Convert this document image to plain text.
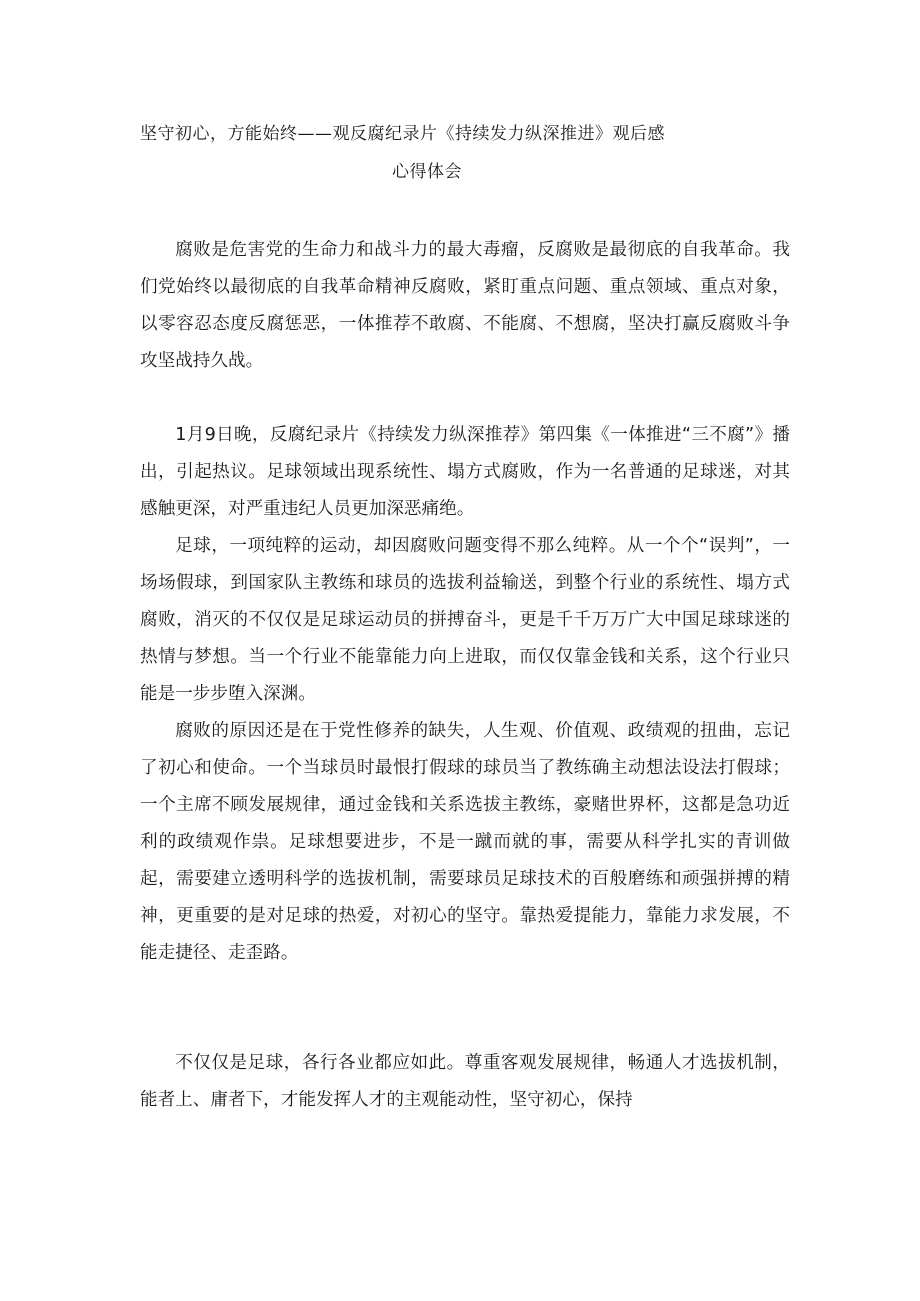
坚守初心，方能始终——观反腐纪录片《持续发力纵深推进》观后感
心得体会

腐败是危害党的生命力和战斗力的最大毒瘤，反腐败是最彻底的自我革命。我们党始终以最彻底的自我革命精神反腐败，紧盯重点问题、重点领域、重点对象，以零容忍态度反腐惩恶，一体推荐不敢腐、不能腐、不想腐，坚决打赢反腐败斗争攻坚战持久战。

1月9日晚，反腐纪录片《持续发力纵深推荐》第四集《一体推进“三不腐”》播出，引起热议。足球领域出现系统性、塌方式腐败，作为一名普通的足球迷，对其感触更深，对严重违纪人员更加深恶痛绝。

足球，一项纯粹的运动，却因腐败问题变得不那么纯粹。从一个个“误判”，一场场假球，到国家队主教练和球员的选拔利益输送，到整个行业的系统性、塌方式腐败，消灭的不仅仅是足球运动员的拼搏奋斗，更是千千万万广大中国足球球迷的热情与梦想。当一个行业不能靠能力向上进取，而仅仅靠金钱和关系，这个行业只能是一步步堕入深渊。

腐败的原因还是在于党性修养的缺失，人生观、价值观、政绩观的扭曲，忘记了初心和使命。一个当球员时最恨打假球的球员当了教练确主动想法设法打假球；一个主席不顾发展规律，通过金钱和关系选拔主教练，豪赌世界杯，这都是急功近利的政绩观作祟。足球想要进步，不是一蹴而就的事，需要从科学扎实的青训做起，需要建立透明科学的选拔机制，需要球员足球技术的百般磨练和顽强拼搏的精神，更重要的是对足球的热爱，对初心的坚守。靠热爱提能力，靠能力求发展，不能走捷径、走歪路。

不仅仅是足球，各行各业都应如此。尊重客观发展规律，畅通人才选拔机制，能者上、庸者下，才能发挥人才的主观能动性，坚守初心，保持
